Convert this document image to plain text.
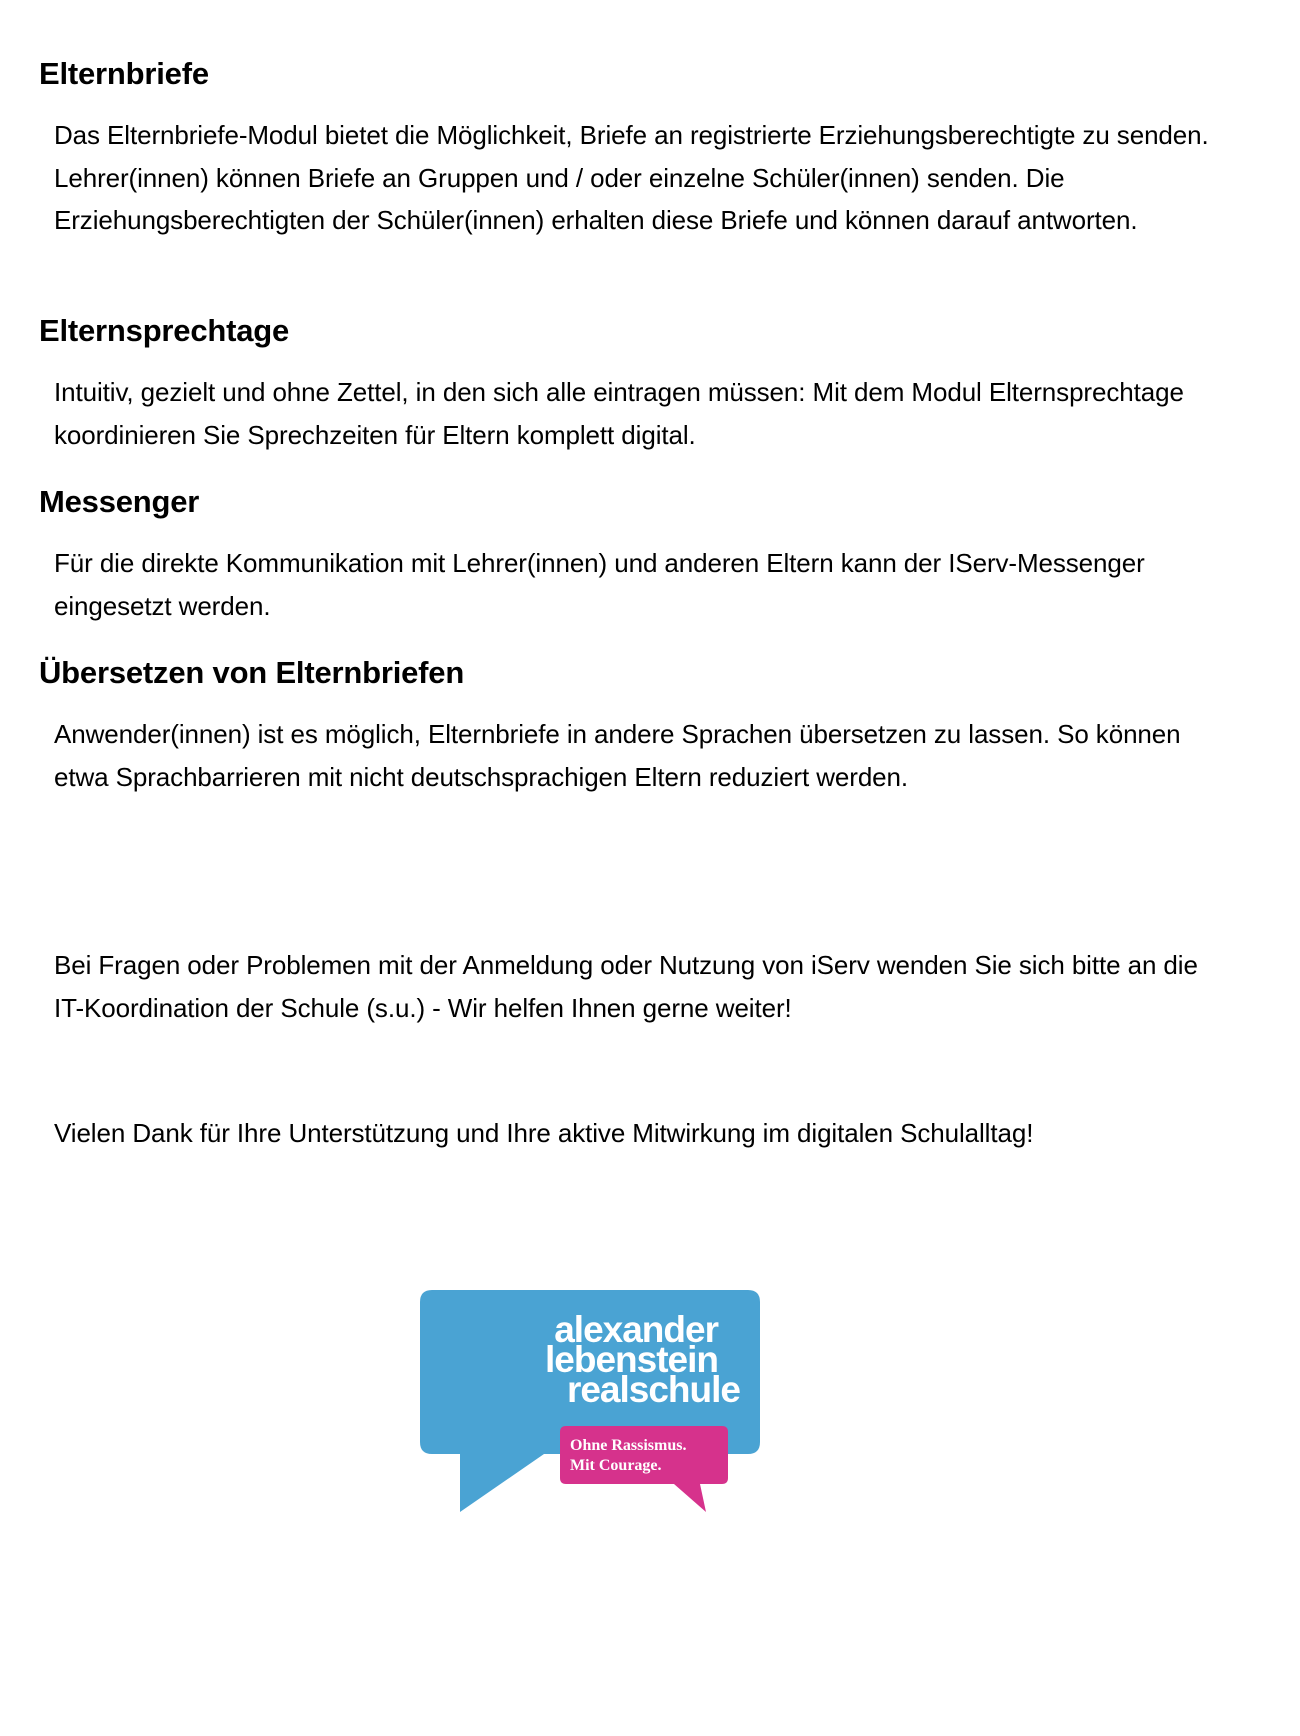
Elternbriefe

Das Elternbriefe-Modul bietet die Möglichkeit, Briefe an registrierte Erziehungsberechtigte zu senden. Lehrer(innen) können Briefe an Gruppen und / oder einzelne Schüler(innen) senden. Die Erziehungsberechtigten der Schüler(innen) erhalten diese Briefe und können darauf antworten.

Elternsprechtage

Intuitiv, gezielt und ohne Zettel, in den sich alle eintragen müssen: Mit dem Modul Elternsprechtage koordinieren Sie Sprechzeiten für Eltern komplett digital.

Messenger

Für die direkte Kommunikation mit Lehrer(innen) und anderen Eltern kann der IServ-Messenger eingesetzt werden.

Übersetzen von Elternbriefen

Anwender(innen) ist es möglich, Elternbriefe in andere Sprachen übersetzen zu lassen. So können etwa Sprachbarrieren mit nicht deutschsprachigen Eltern reduziert werden.

Bei Fragen oder Problemen mit der Anmeldung oder Nutzung von iServ wenden Sie sich bitte an die IT-Koordination der Schule (s.u.) - Wir helfen Ihnen gerne weiter!

Vielen Dank für Ihre Unterstützung und Ihre aktive Mitwirkung im digitalen Schulalltag!

alexander
lebenstein
realschule
Ohne Rassismus.
Mit Courage.
